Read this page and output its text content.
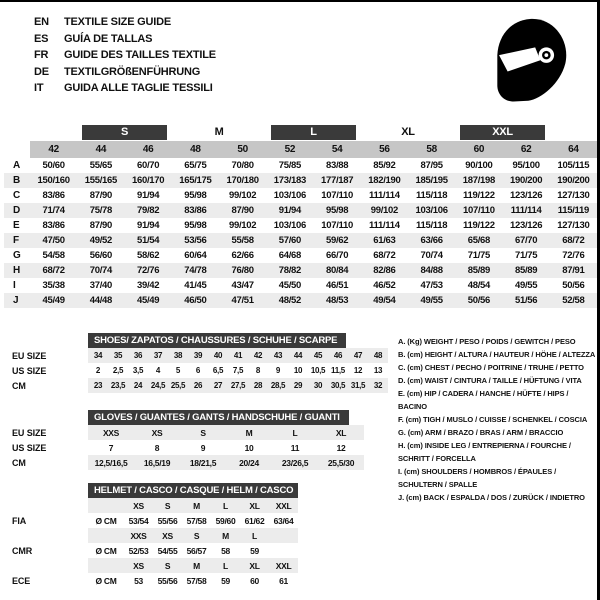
EN	TEXTILE SIZE GUIDE
ES	GUÍA DE TALLAS
FR	GUIDE DES TAILLES TEXTILE
DE	TEXTILGRÖßENFÜHRUNG
IT	GUIDA ALLE TAGLIE TESSILI

		S		M		L		XL		XXL		

	42	44	46	48	50	52	54	56	58	60	62	64
A	50/60	55/65	60/70	65/75	70/80	75/85	83/88	85/92	87/95	90/100	95/100	105/115
B	150/160	155/165	160/170	165/175	170/180	173/183	177/187	182/190	185/195	187/198	190/200	190/200
C	83/86	87/90	91/94	95/98	99/102	103/106	107/110	111/114	115/118	119/122	123/126	127/130
D	71/74	75/78	79/82	83/86	87/90	91/94	95/98	99/102	103/106	107/110	111/114	115/119
E	83/86	87/90	91/94	95/98	99/102	103/106	107/110	111/114	115/118	119/122	123/126	127/130
F	47/50	49/52	51/54	53/56	55/58	57/60	59/62	61/63	63/66	65/68	67/70	68/72
G	54/58	56/60	58/62	60/64	62/66	64/68	66/70	68/72	70/74	71/75	71/75	72/76
H	68/72	70/74	72/76	74/78	76/80	78/82	80/84	82/86	84/88	85/89	85/89	87/91
I	35/38	37/40	39/42	41/45	43/47	45/50	46/51	46/52	47/53	48/54	49/55	50/56
J	45/49	44/48	45/49	46/50	47/51	48/52	48/53	49/54	49/55	50/56	51/56	52/58
	SHOES/ ZAPATOS / CHAUSSURES / SCHUHE / SCARPE														
EU SIZE	34	35	36	37	38	39	40	41	42	43	44	45	46	47	48
US SIZE	2	2,5	3,5	4	5	6	6,5	7,5	8	9	10	10,5	11,5	12	13
CM	23	23,5	24	24,5	25,5	26	27	27,5	28	28,5	29	30	30,5	31,5	32
	GLOVES / GUANTES / GANTS / HANDSCHUHE / GUANTI					
EU SIZE	XXS	XS	S	M	L	XL
US SIZE	7	8	9	10	11	12
CM	12,5/16,5	16,5/19	18/21,5	20/24	23/26,5	25,5/30
	HELMET / CASCO / CASQUE / HELM / CASCO						
		XS	S	M	L	XL	XXL
FIA	Ø CM	53/54	55/56	57/58	59/60	61/62	63/64
		XXS	XS	S	M	L	
CMR	Ø CM	52/53	54/55	56/57	58	59	
		XS	S	M	L	XL	XXL
ECE	Ø CM	53	55/56	57/58	59	60	61
A. (Kg) WEIGHT / PESO / POIDS / GEWITCH / PESO
B. (cm) HEIGHT / ALTURA / HAUTEUR / HÖHE / ALTEZZA
C. (cm) CHEST / PECHO / POITRINE / TRUHE / PETTO
D. (cm) WAIST / CINTURA / TAILLE / HÜFTUNG / VITA
E. (cm) HIP / CADERA / HANCHE / HÜFTE / HIPS / BACINO
F. (cm) TIGH / MUSLO / CUISSE / SCHENKEL / COSCIA
G. (cm) ARM / BRAZO / BRAS / ARM / BRACCIO
H. (cm) INSIDE LEG / ENTREPIERNA / FOURCHE / SCHRITT / FORCELLA
I. (cm) SHOULDERS / HOMBROS / ÉPAULES / SCHULTERN / SPALLE
J. (cm) BACK / ESPALDA / DOS / ZURÜCK / INDIETRO
